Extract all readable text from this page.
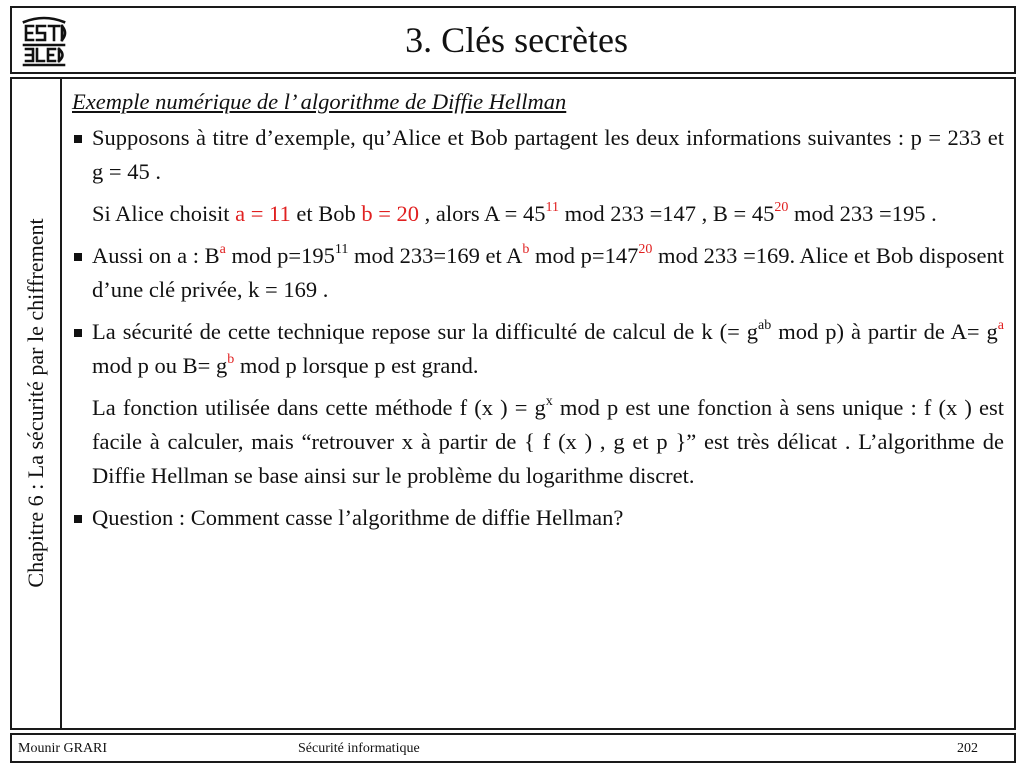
3. Clés secrètes
Chapitre 6 : La sécurité par le chiffrement

Exemple numérique de l’ algorithme de Diffie Hellman

Supposons à titre d’exemple, qu’Alice et Bob partagent les deux informations suivantes : p = 233 et g = 45 .

Si Alice choisit a = 11 et Bob b = 20 , alors $A = 45^{11}$ mod 233 =147 , $B = 45^{20}$ mod 233 =195 .

Aussi on a : $B^a$ mod $p=195^{11}$ mod 233=169 et $A^b$ mod $p=147^{20}$ mod 233 =169. Alice et Bob disposent d’une clé privée, k = 169 .

La sécurité de cette technique repose sur la difficulté de calcul de k (= $g^{ab}$ mod p) à partir de $A= g^a$ mod p ou $B= g^b$ mod p lorsque p est grand.

La fonction utilisée dans cette méthode f (x ) = $g^x$ mod p est une fonction à sens unique : f (x ) est facile à calculer, mais “retrouver x à partir de { f (x ) , g et p }” est très délicat . L’algorithme de Diffie Hellman se base ainsi sur le problème du logarithme discret.

Question : Comment casse l’algorithme de diffie Hellman?

Mounir GRARI	Sécurité informatique	202
